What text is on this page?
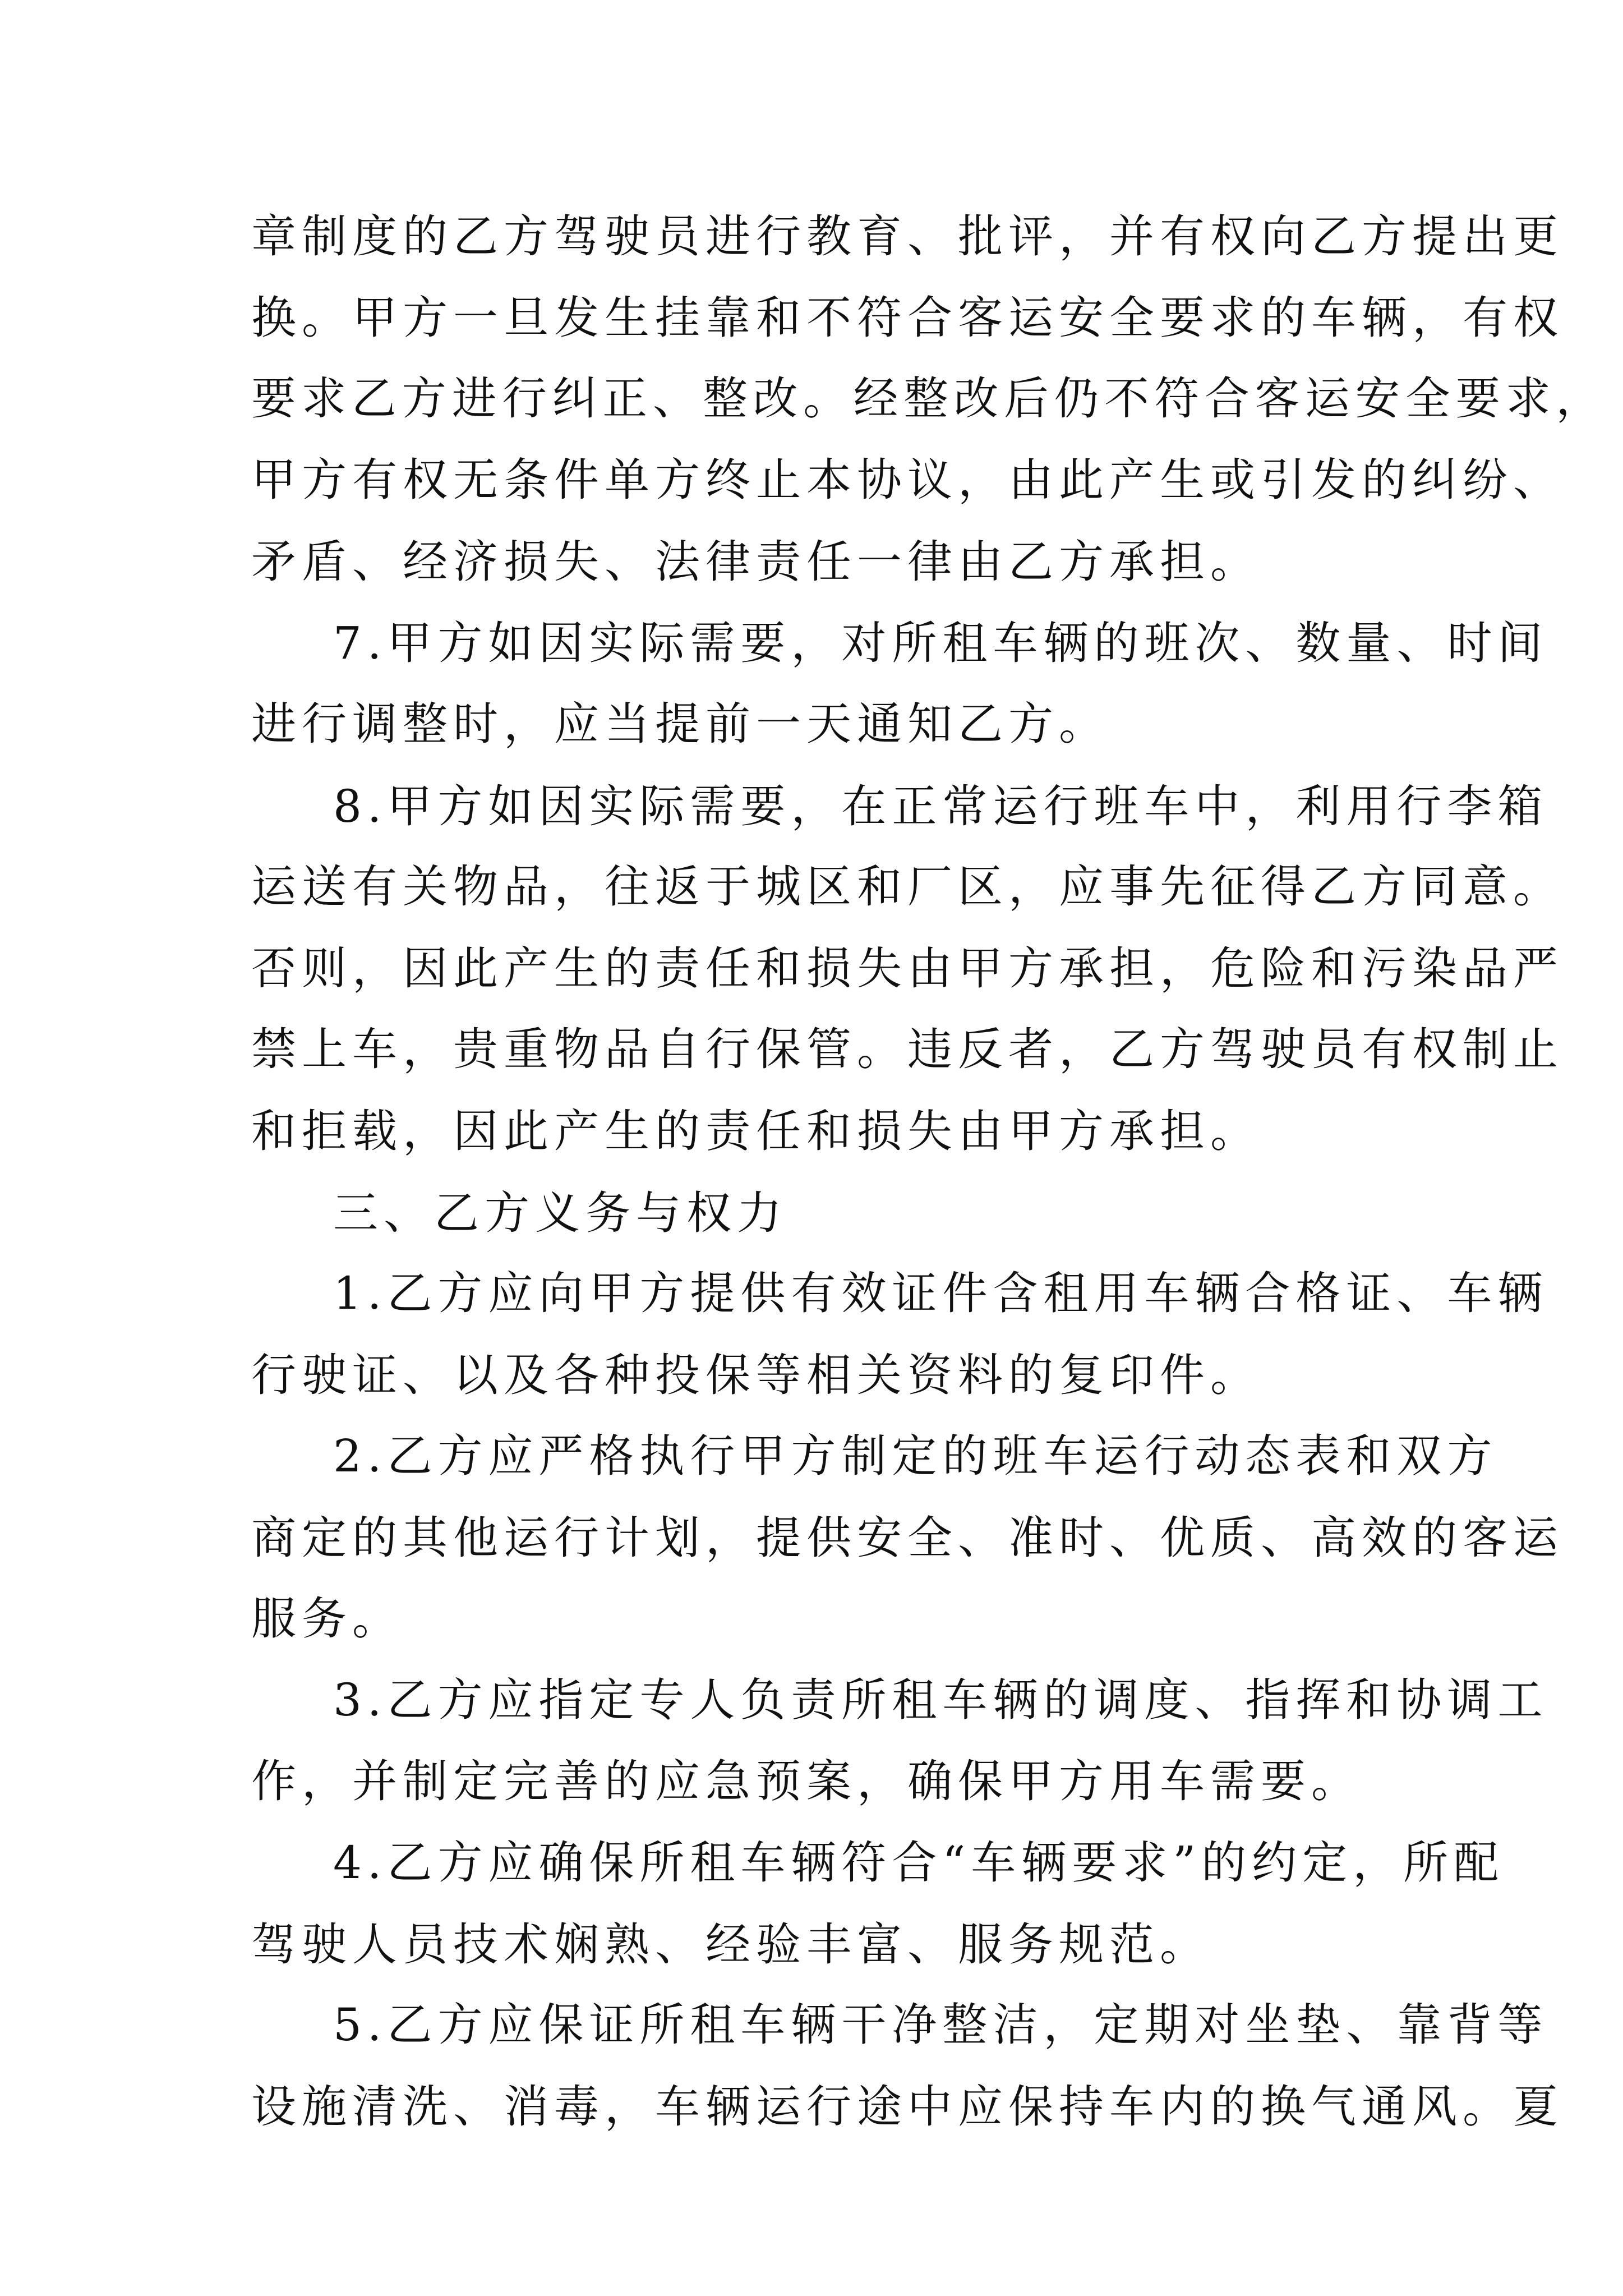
章制度的乙方驾驶员进行教育、批评，并有权向乙方提出更

换。甲方一旦发生挂靠和不符合客运安全要求的车辆，有权

要求乙方进行纠正、整改。经整改后仍不符合客运安全要求，

甲方有权无条件单方终止本协议，由此产生或引发的纠纷、

矛盾、经济损失、法律责任一律由乙方承担。

7.甲方如因实际需要，对所租车辆的班次、数量、时间

进行调整时，应当提前一天通知乙方。

8.甲方如因实际需要，在正常运行班车中，利用行李箱

运送有关物品，往返于城区和厂区，应事先征得乙方同意。

否则，因此产生的责任和损失由甲方承担，危险和污染品严

禁上车，贵重物品自行保管。违反者，乙方驾驶员有权制止

和拒载，因此产生的责任和损失由甲方承担。

三、乙方义务与权力

1.乙方应向甲方提供有效证件含租用车辆合格证、车辆

行驶证、以及各种投保等相关资料的复印件。

2.乙方应严格执行甲方制定的班车运行动态表和双方

商定的其他运行计划，提供安全、准时、优质、高效的客运

服务。

3.乙方应指定专人负责所租车辆的调度、指挥和协调工

作，并制定完善的应急预案，确保甲方用车需要。

4.乙方应确保所租车辆符合“车辆要求”的约定，所配

驾驶人员技术娴熟、经验丰富、服务规范。

5.乙方应保证所租车辆干净整洁，定期对坐垫、靠背等

设施清洗、消毒，车辆运行途中应保持车内的换气通风。夏
